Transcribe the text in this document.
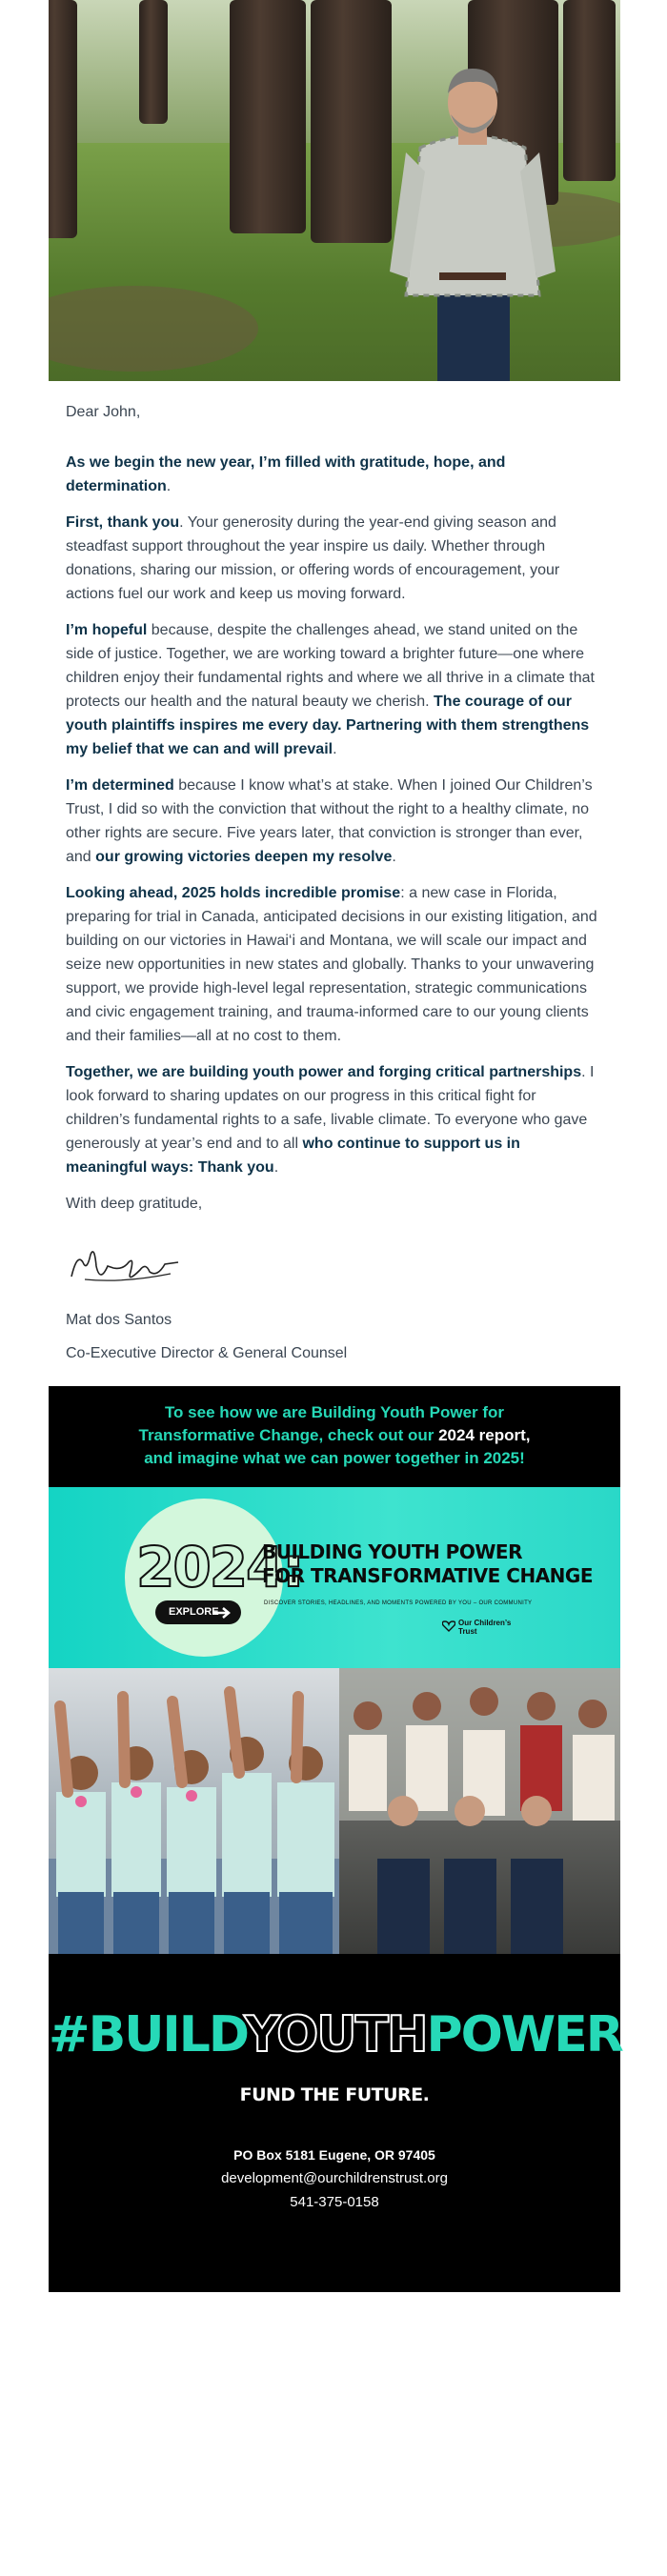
Dear John,

As we begin the new year, I’m filled with gratitude, hope, and determination.

First, thank you. Your generosity during the year-end giving season and steadfast support throughout the year inspire us daily. Whether through donations, sharing our mission, or offering words of encouragement, your actions fuel our work and keep us moving forward.

I’m hopeful because, despite the challenges ahead, we stand united on the side of justice. Together, we are working toward a brighter future—one where children enjoy their fundamental rights and where we all thrive in a climate that protects our health and the natural beauty we cherish. The courage of our youth plaintiffs inspires me every day. Partnering with them strengthens my belief that we can and will prevail.

I’m determined because I know what’s at stake. When I joined Our Children’s Trust, I did so with the conviction that without the right to a healthy climate, no other rights are secure. Five years later, that conviction is stronger than ever, and our growing victories deepen my resolve.

Looking ahead, 2025 holds incredible promise: a new case in Florida, preparing for trial in Canada, anticipated decisions in our existing litigation, and building on our victories in Hawai‘i and Montana, we will scale our impact and seize new opportunities in new states and globally. Thanks to your unwavering support, we provide high-level legal representation, strategic communications and civic engagement training, and trauma-informed care to our young clients and their families—all at no cost to them.

Together, we are building youth power and forging critical partnerships. I look forward to sharing updates on our progress in this critical fight for children’s fundamental rights to a safe, livable climate. To everyone who gave generously at year’s end and to all who continue to support us in meaningful ways: Thank you.

With deep gratitude,

Mat dos Santos

Co-Executive Director & General Counsel

To see how we are Building Youth Power for
Transformative Change, check out our 2024 report,
and imagine what we can power together in 2025!
2024:
BUILDING YOUTH POWER
FOR TRANSFORMATIVE CHANGE
DISCOVER STORIES, HEADLINES, AND MOMENTS POWERED BY YOU – OUR COMMUNITY
EXPLORE
Our Children’s
Trust
#BUILDYOUTHPOWER
FUND THE FUTURE.
PO Box 5181 Eugene, OR 97405
development@ourchildrenstrust.org
541-375-0158
